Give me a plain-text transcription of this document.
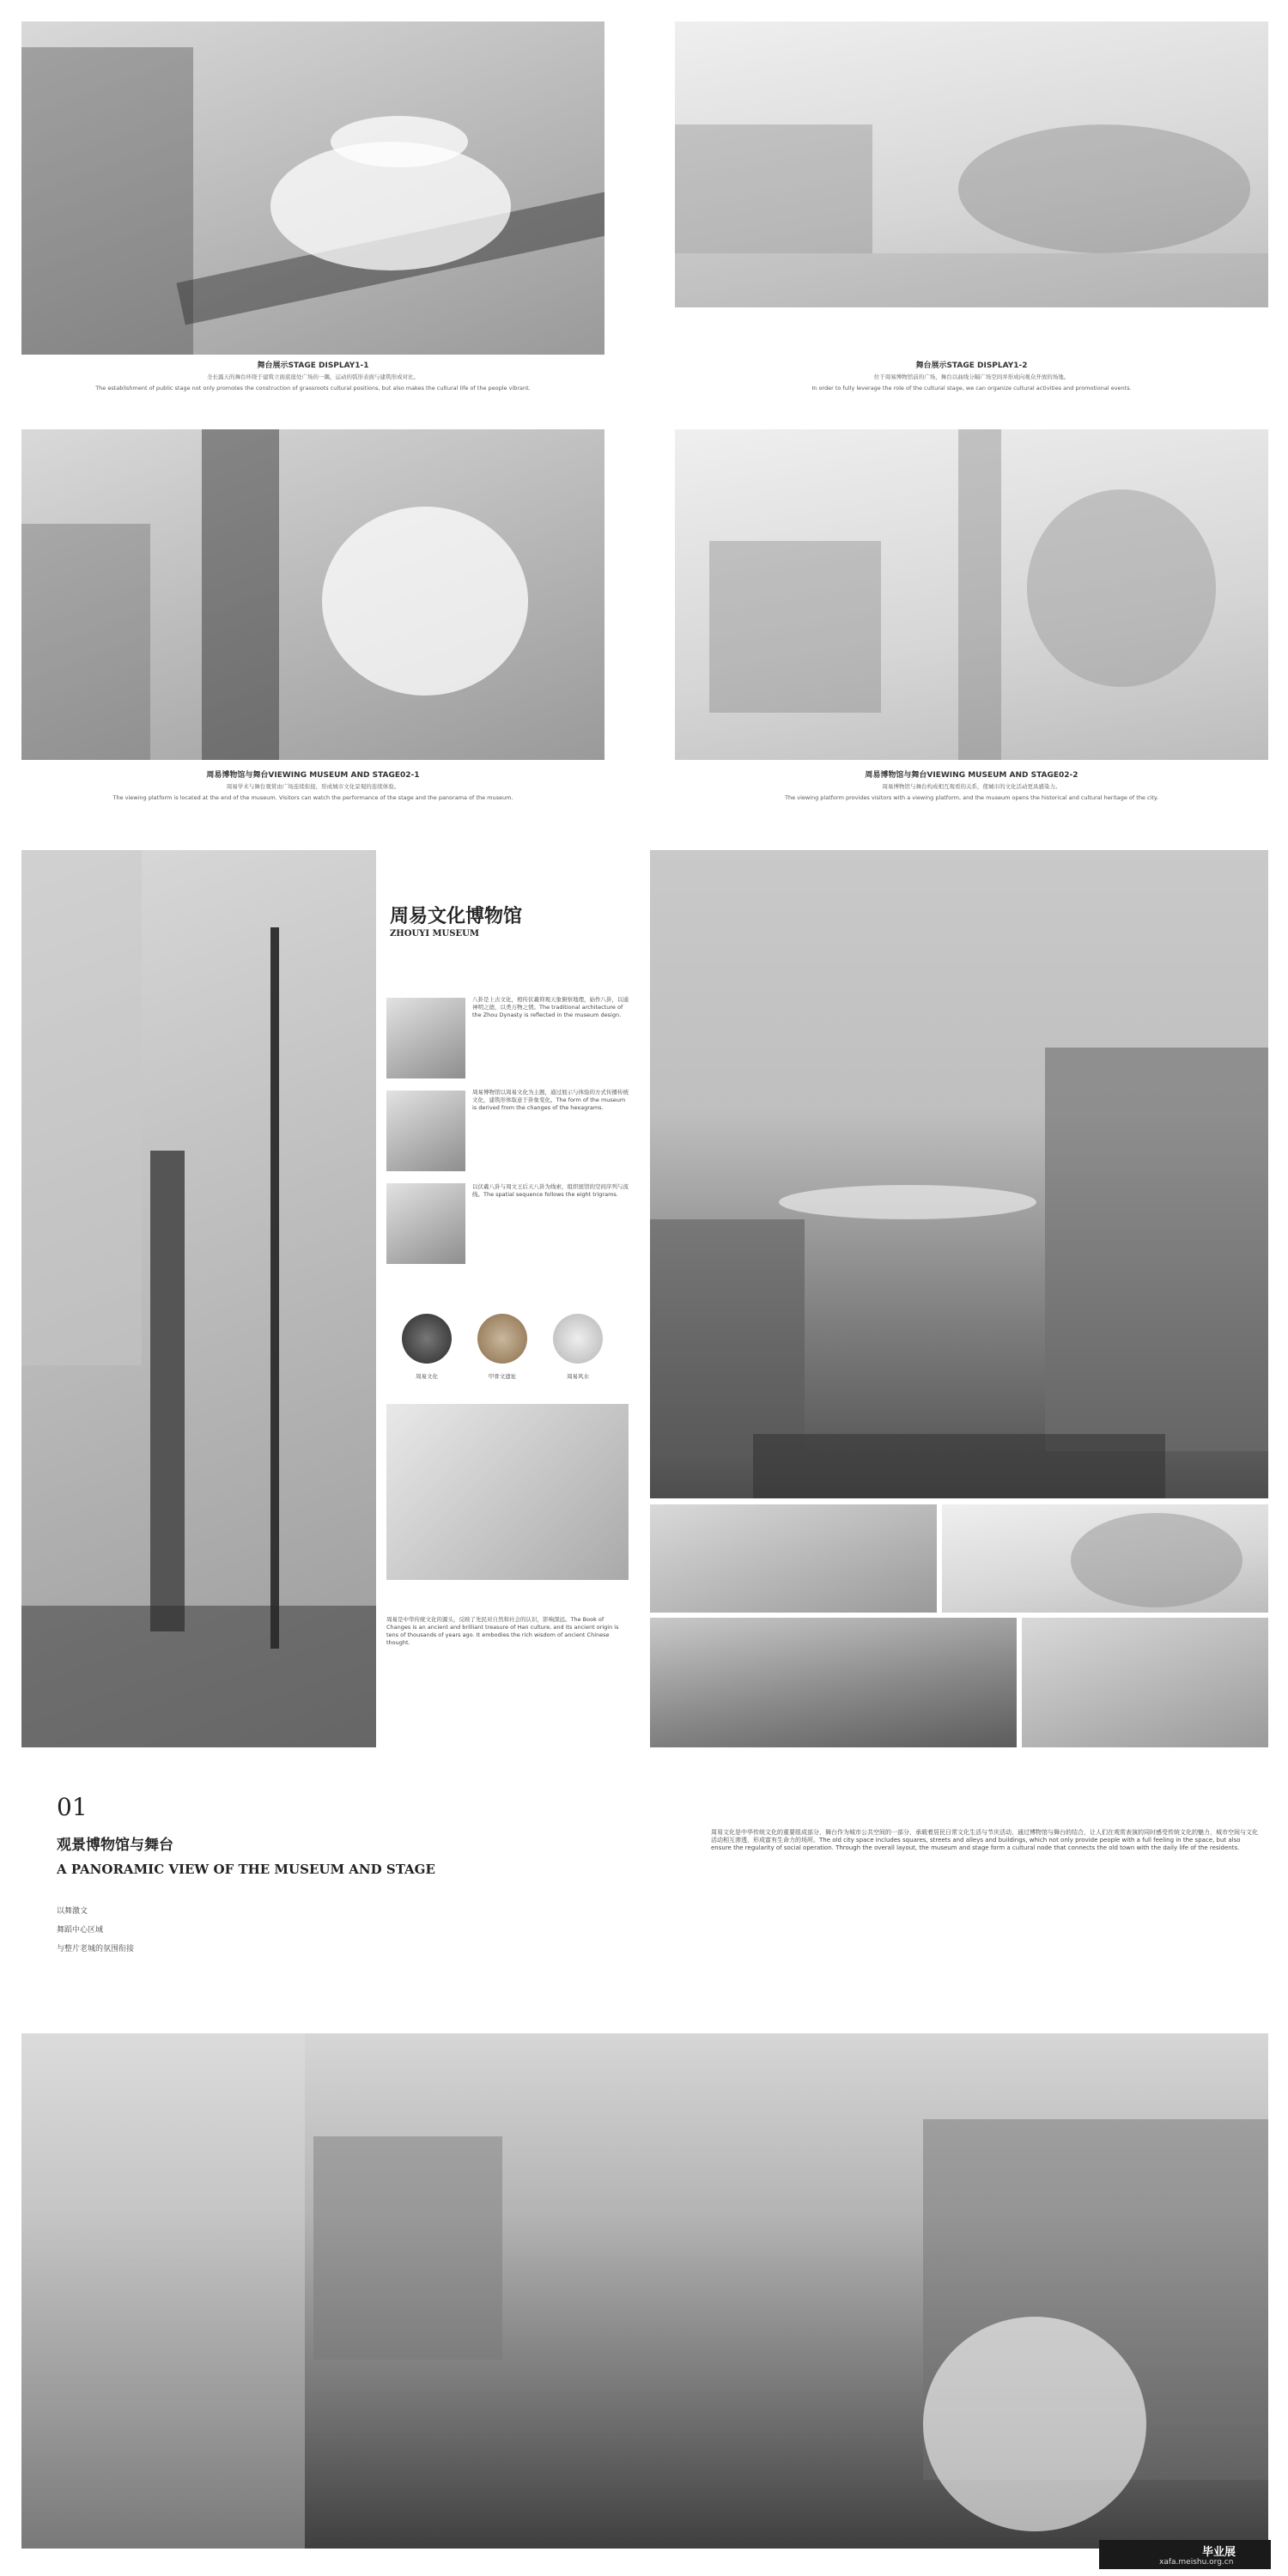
舞台展示STAGE DISPLAY1-1
全长露天的舞台环绕于建筑立面底座处广场的一隅，运动的弧形表面与建筑形成对比。
The establishment of public stage not only promotes the construction of grassroots cultural positions, but also makes the cultural life of the people vibrant.
舞台展示STAGE DISPLAY1-2
位于周易博物馆前的广场，舞台以曲线分隔广场空间并形成向观众开放的场地。
In order to fully leverage the role of the cultural stage, we can organize cultural activities and promotional events.
周易博物馆与舞台VIEWING MUSEUM AND STAGE02-1
周易学术与舞台观赏由广场连续衔接，形成城市文化景观的连续体验。
The viewing platform is located at the end of the museum. Visitors can watch the performance of the stage and the panorama of the museum.
周易博物馆与舞台VIEWING MUSEUM AND STAGE02-2
周易博物馆与舞台构成相互观看的关系，使城市的文化活动更具感染力。
The viewing platform provides visitors with a viewing platform, and the museum opens the historical and cultural heritage of the city.
周易文化博物馆
ZHOUYI MUSEUM
八卦是上古文化，相传伏羲仰观天象俯察地理，始作八卦，以通神明之德，以类万物之情。The traditional architecture of the Zhou Dynasty is reflected in the museum design.
周易博物馆以周易文化为主题，通过展示与体验的方式传播传统文化，建筑形体取意于卦象变化。The form of the museum is derived from the changes of the hexagrams.
以伏羲八卦与周文王后天八卦为线索，组织展馆的空间序列与流线。The spatial sequence follows the eight trigrams.
周易文化	甲骨文遗址	周易风水
周易是中华传统文化的源头，反映了先民对自然和社会的认识，影响深远。The Book of Changes is an ancient and brilliant treasure of Han culture, and its ancient origin is tens of thousands of years ago. It embodies the rich wisdom of ancient Chinese thought.
01
观景博物馆与舞台
A PANORAMIC VIEW OF THE MUSEUM AND STAGE
以舞激文
舞蹈中心区域
与整片老城的氛围衔接
周易文化是中华传统文化的重要组成部分，舞台作为城市公共空间的一部分，承载着居民日常文化生活与节庆活动，通过博物馆与舞台的结合，让人们在观赏表演的同时感受传统文化的魅力，城市空间与文化活动相互渗透，形成富有生命力的场所。The old city space includes squares, streets and alleys and buildings, which not only provide people with a full feeling in the space, but also ensure the regularity of social operation. Through the overall layout, the museum and stage form a cultural node that connects the old town with the daily life of the residents.
毕业展
xafa.meishu.org.cn
